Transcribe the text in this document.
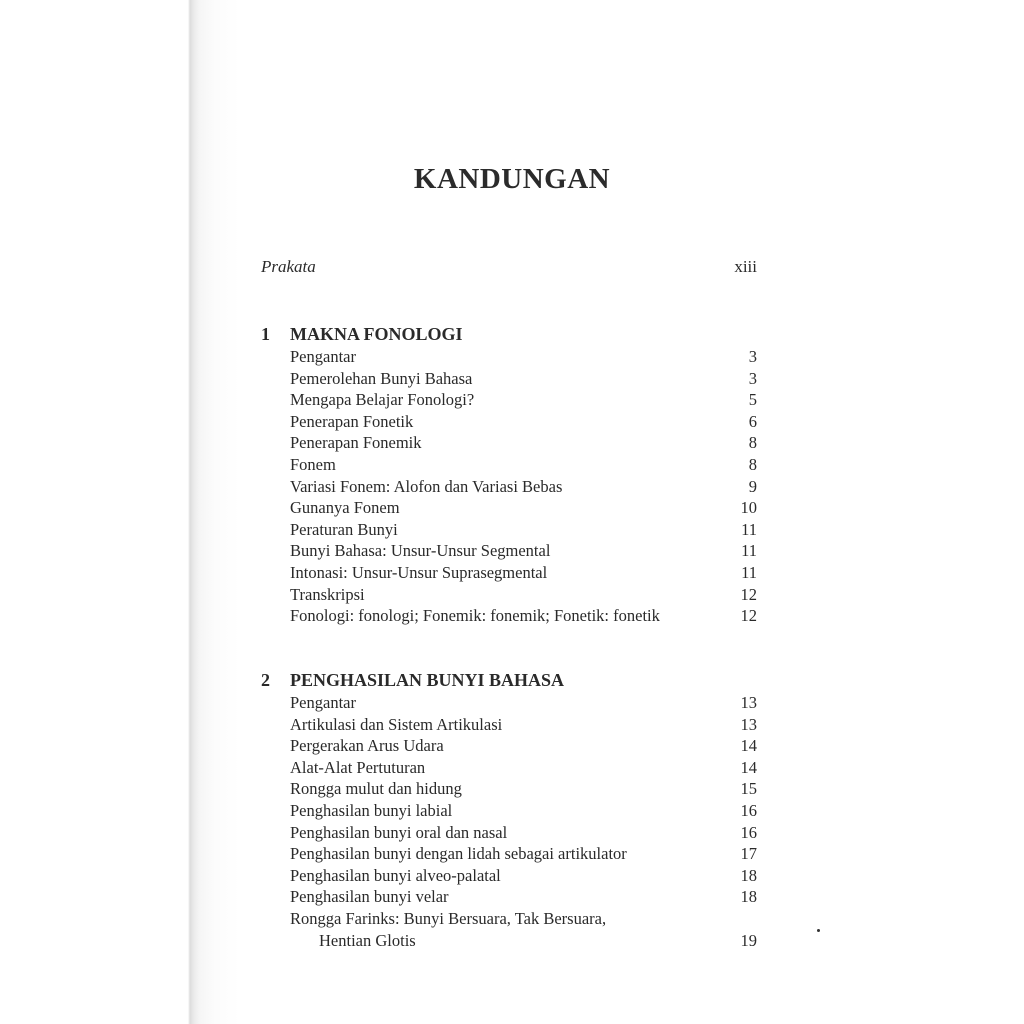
KANDUNGAN
Prakata	xiii
1	MAKNA FONOLOGI
Pengantar	3
Pemerolehan Bunyi Bahasa	3
Mengapa Belajar Fonologi?	5
Penerapan Fonetik	6
Penerapan Fonemik	8
Fonem	8
Variasi Fonem: Alofon dan Variasi Bebas	9
Gunanya Fonem	10
Peraturan Bunyi	11
Bunyi Bahasa: Unsur-Unsur Segmental	11
Intonasi: Unsur-Unsur Suprasegmental	11
Transkripsi	12
Fonologi: fonologi; Fonemik: fonemik; Fonetik: fonetik	12
2	PENGHASILAN BUNYI BAHASA
Pengantar	13
Artikulasi dan Sistem Artikulasi	13
Pergerakan Arus Udara	14
Alat-Alat Pertuturan	14
Rongga mulut dan hidung	15
Penghasilan bunyi labial	16
Penghasilan bunyi oral dan nasal	16
Penghasilan bunyi dengan lidah sebagai artikulator	17
Penghasilan bunyi alveo-palatal	18
Penghasilan bunyi velar	18
Rongga Farinks: Bunyi Bersuara, Tak Bersuara,
Hentian Glotis	19
